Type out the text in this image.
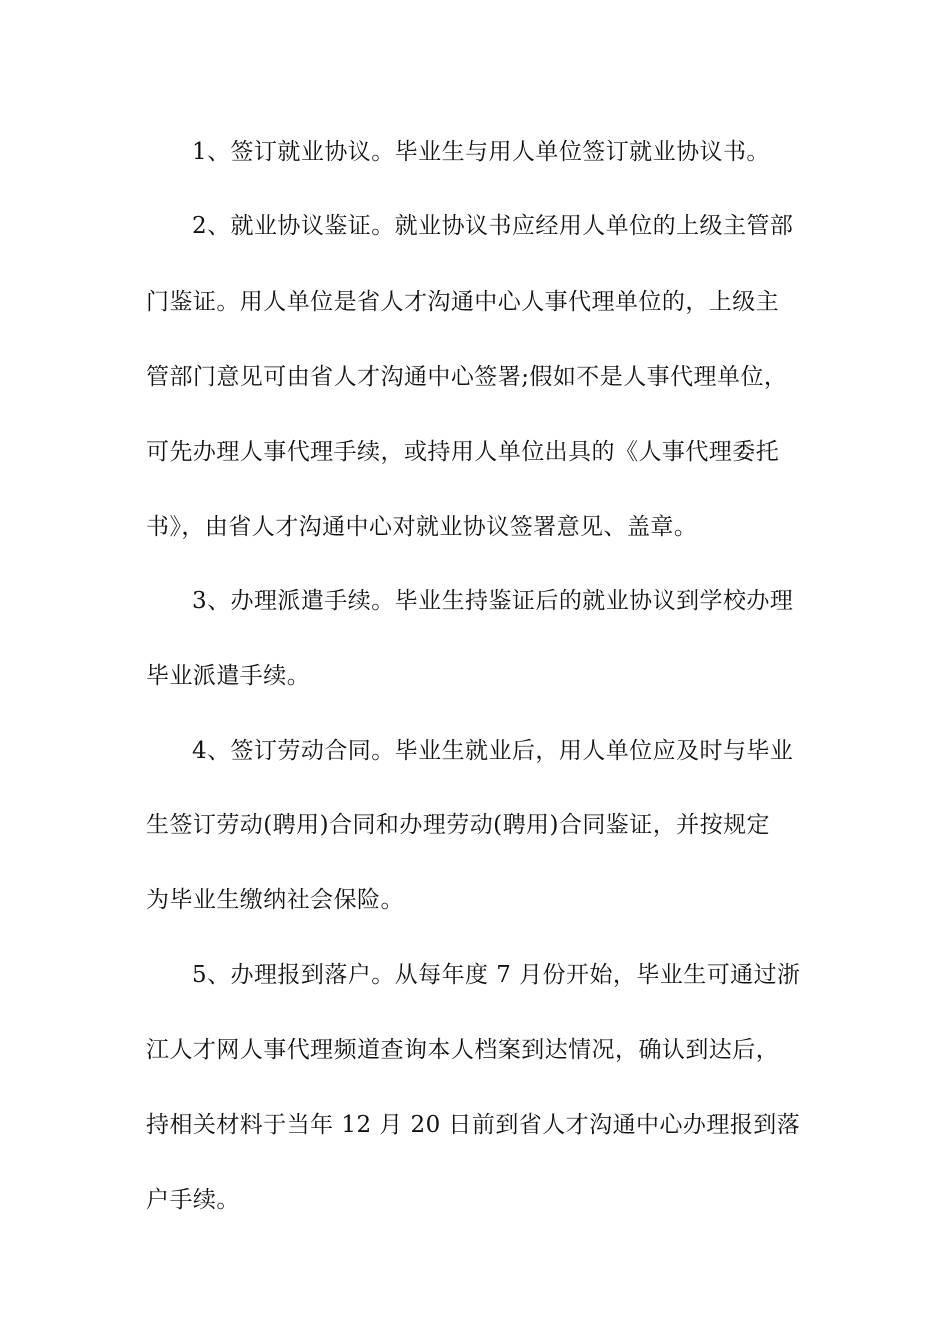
1、签订就业协议。毕业生与用人单位签订就业协议书。
2、就业协议鉴证。就业协议书应经用人单位的上级主管部
门鉴证。用人单位是省人才沟通中心人事代理单位的，上级主
管部门意见可由省人才沟通中心签署;假如不是人事代理单位，
可先办理人事代理手续，或持用人单位出具的《人事代理委托
书》，由省人才沟通中心对就业协议签署意见、盖章。
3、办理派遣手续。毕业生持鉴证后的就业协议到学校办理
毕业派遣手续。
4、签订劳动合同。毕业生就业后，用人单位应及时与毕业
生签订劳动(聘用)合同和办理劳动(聘用)合同鉴证，并按规定
为毕业生缴纳社会保险。
5、办理报到落户。从每年度 7 月份开始，毕业生可通过浙
江人才网人事代理频道查询本人档案到达情况，确认到达后，
持相关材料于当年 12 月 20 日前到省人才沟通中心办理报到落
户手续。
